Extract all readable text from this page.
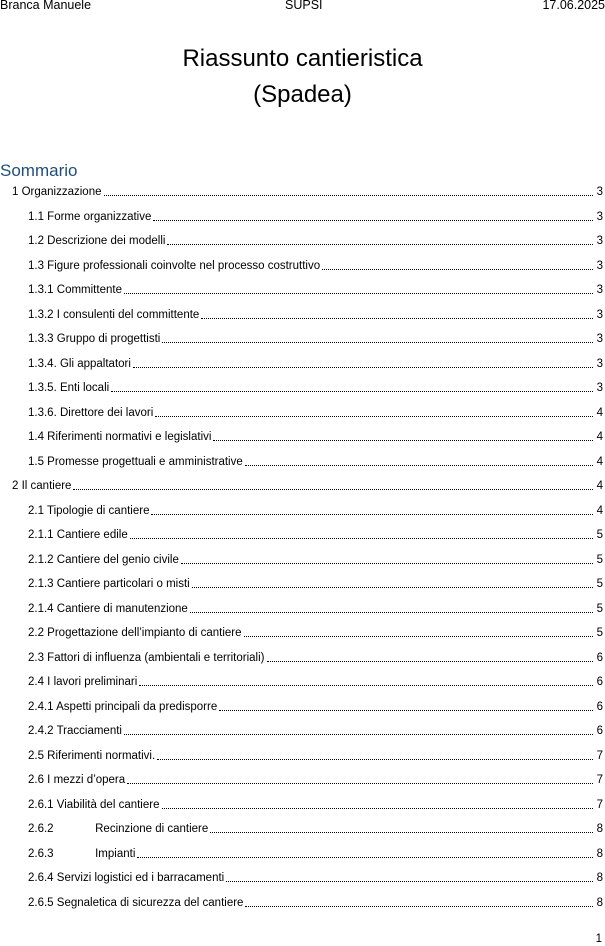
Branca Manuele	SUPSI	17.06.2025
Riassunto cantieristica
(Spadea)
Sommario
1 Organizzazione	3
1.1 Forme organizzative	3
1.2 Descrizione dei modelli	3
1.3 Figure professionali coinvolte nel processo costruttivo	3
1.3.1 Committente	3
1.3.2 I consulenti del committente	3
1.3.3 Gruppo di progettisti	3
1.3.4. Gli appaltatori	3
1.3.5. Enti locali	3
1.3.6. Direttore dei lavori	4
1.4 Riferimenti normativi e legislativi	4
1.5 Promesse progettuali e amministrative	4
2 Il cantiere	4
2.1 Tipologie di cantiere	4
2.1.1 Cantiere edile	5
2.1.2 Cantiere del genio civile	5
2.1.3 Cantiere particolari o misti	5
2.1.4 Cantiere di manutenzione	5
2.2 Progettazione dell’impianto di cantiere	5
2.3 Fattori di influenza (ambientali e territoriali)	6
2.4 I lavori preliminari	6
2.4.1 Aspetti principali da predisporre	6
2.4.2 Tracciamenti	6
2.5 Riferimenti normativi.	7
2.6 I mezzi d’opera	7
2.6.1 Viabilità del cantiere	7
2.6.2             Recinzione di cantiere	8
2.6.3             Impianti	8
2.6.4 Servizi logistici ed i barracamenti	8
2.6.5 Segnaletica di sicurezza del cantiere	8
1
